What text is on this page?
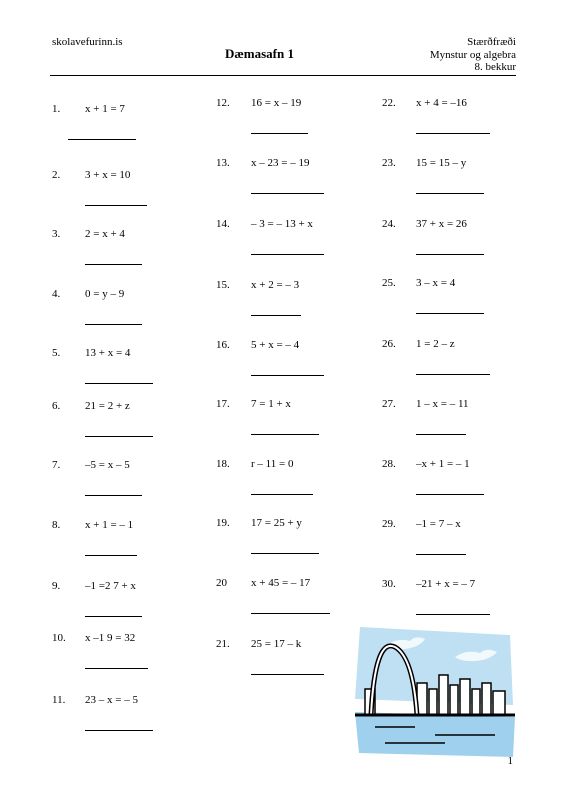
skolavefurinn.is
Dæmasafn 1
Stærðfræði
Mynstur og algebra
8. bekkur
1. x + 1 = 7
2. 3 + x = 10
3. 2 = x + 4
4. 0 = y – 9
5. 13 + x = 4
6. 21 = 2 + z
7. –5 = x – 5
8. x + 1 = – 1
9. –1 =2 7 + x
10. x –1 9 = 32
11. 23 – x = – 5
12. 16 = x – 19
13. x – 23 = – 19
14. – 3 = – 13 + x
15. x + 2 = – 3
16. 5 + x = – 4
17. 7 = 1 + x
18. r – 11 = 0
19. 17 = 25 + y
20 x + 45 = – 17
21. 25 = 17 – k
22. x + 4 = –16
23. 15 = 15 – y
24. 37 + x = 26
25. 3 – x = 4
26. 1 = 2 – z
27. 1 – x = – 11
28. –x + 1 = – 1
29. –1 = 7 – x
30. –21 + x = – 7
1
